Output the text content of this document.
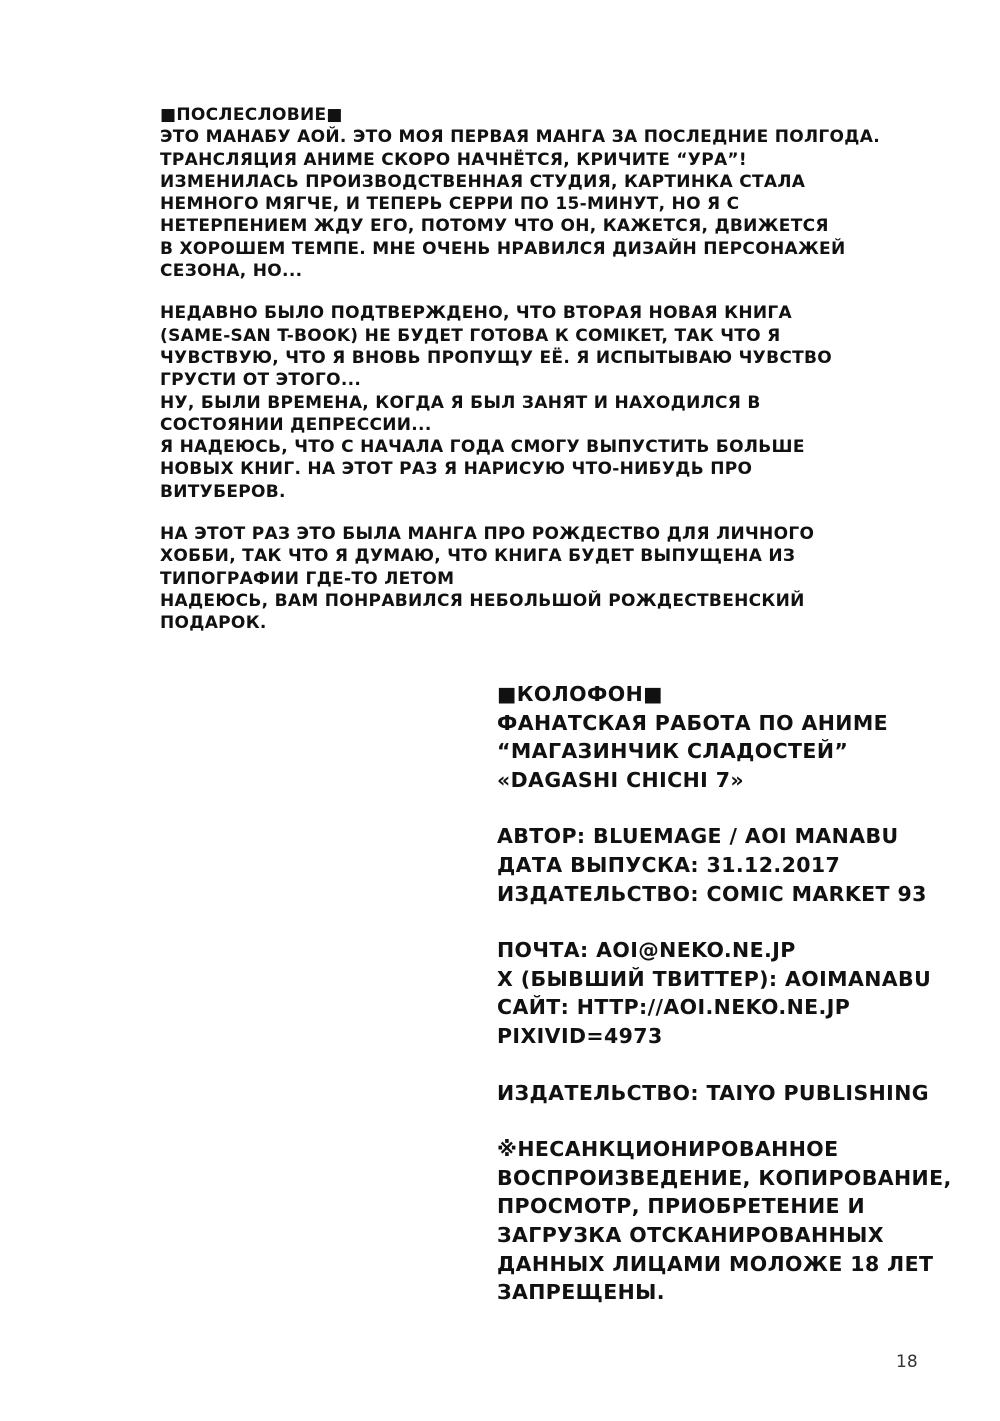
■ПОСЛЕСЛОВИЕ■
ЭТО МАНАБУ АОЙ. ЭТО МОЯ ПЕРВАЯ МАНГА ЗА ПОСЛЕДНИЕ ПОЛГОДА.
ТРАНСЛЯЦИЯ АНИМЕ СКОРО НАЧНЁТСЯ, КРИЧИТЕ “УРА”!
ИЗМЕНИЛАСЬ ПРОИЗВОДСТВЕННАЯ СТУДИЯ, КАРТИНКА СТАЛА
НЕМНОГО МЯГЧЕ, И ТЕПЕРЬ СЕРРИ ПО 15-МИНУТ, НО Я С
НЕТЕРПЕНИЕМ ЖДУ ЕГО, ПОТОМУ ЧТО ОН, КАЖЕТСЯ, ДВИЖЕТСЯ
В ХОРОШЕМ ТЕМПЕ. МНЕ ОЧЕНЬ НРАВИЛСЯ ДИЗАЙН ПЕРСОНАЖЕЙ
СЕЗОНА, НО...
НЕДАВНО БЫЛО ПОДТВЕРЖДЕНО, ЧТО ВТОРАЯ НОВАЯ КНИГА
(SAME-SAN T-BOOK) НЕ БУДЕТ ГОТОВА К COMIKET, ТАК ЧТО Я
ЧУВСТВУЮ, ЧТО Я ВНОВЬ ПРОПУЩУ ЕЁ. Я ИСПЫТЫВАЮ ЧУВСТВО
ГРУСТИ ОТ ЭТОГО...
НУ, БЫЛИ ВРЕМЕНА, КОГДА Я БЫЛ ЗАНЯТ И НАХОДИЛСЯ В
СОСТОЯНИИ ДЕПРЕССИИ...
Я НАДЕЮСЬ, ЧТО С НАЧАЛА ГОДА СМОГУ ВЫПУСТИТЬ БОЛЬШЕ
НОВЫХ КНИГ. НА ЭТОТ РАЗ Я НАРИСУЮ ЧТО-НИБУДЬ ПРО
ВИТУБЕРОВ.
НА ЭТОТ РАЗ ЭТО БЫЛА МАНГА ПРО РОЖДЕСТВО ДЛЯ ЛИЧНОГО
ХОББИ, ТАК ЧТО Я ДУМАЮ, ЧТО КНИГА БУДЕТ ВЫПУЩЕНА ИЗ
ТИПОГРАФИИ ГДЕ-ТО ЛЕТОМ
НАДЕЮСЬ, ВАМ ПОНРАВИЛСЯ НЕБОЛЬШОЙ РОЖДЕСТВЕНСКИЙ
ПОДАРОК.
■КОЛОФОН■
ФАНАТСКАЯ РАБОТА ПО АНИМЕ
“МАГАЗИНЧИК СЛАДОСТЕЙ”
«DAGASHI CHICHI 7»
АВТОР: BLUEMAGE / AOI MANABU
ДАТА ВЫПУСКА: 31.12.2017
ИЗДАТЕЛЬСТВО: COMIC MARKET 93
ПОЧТА: AOI@NEKO.NE.JP
X (БЫВШИЙ ТВИТТЕР): AOIMANABU
САЙТ: HTTP://AOI.NEKO.NE.JP
PIXIVID=4973
ИЗДАТЕЛЬСТВО: TAIYO PUBLISHING
※НЕСАНКЦИОНИРОВАННОЕ
ВОСПРОИЗВЕДЕНИЕ, КОПИРОВАНИЕ,
ПРОСМОТР, ПРИОБРЕТЕНИЕ И
ЗАГРУЗКА ОТСКАНИРОВАННЫХ
ДАННЫХ ЛИЦАМИ МОЛОЖЕ 18 ЛЕТ
ЗАПРЕЩЕНЫ.
18
